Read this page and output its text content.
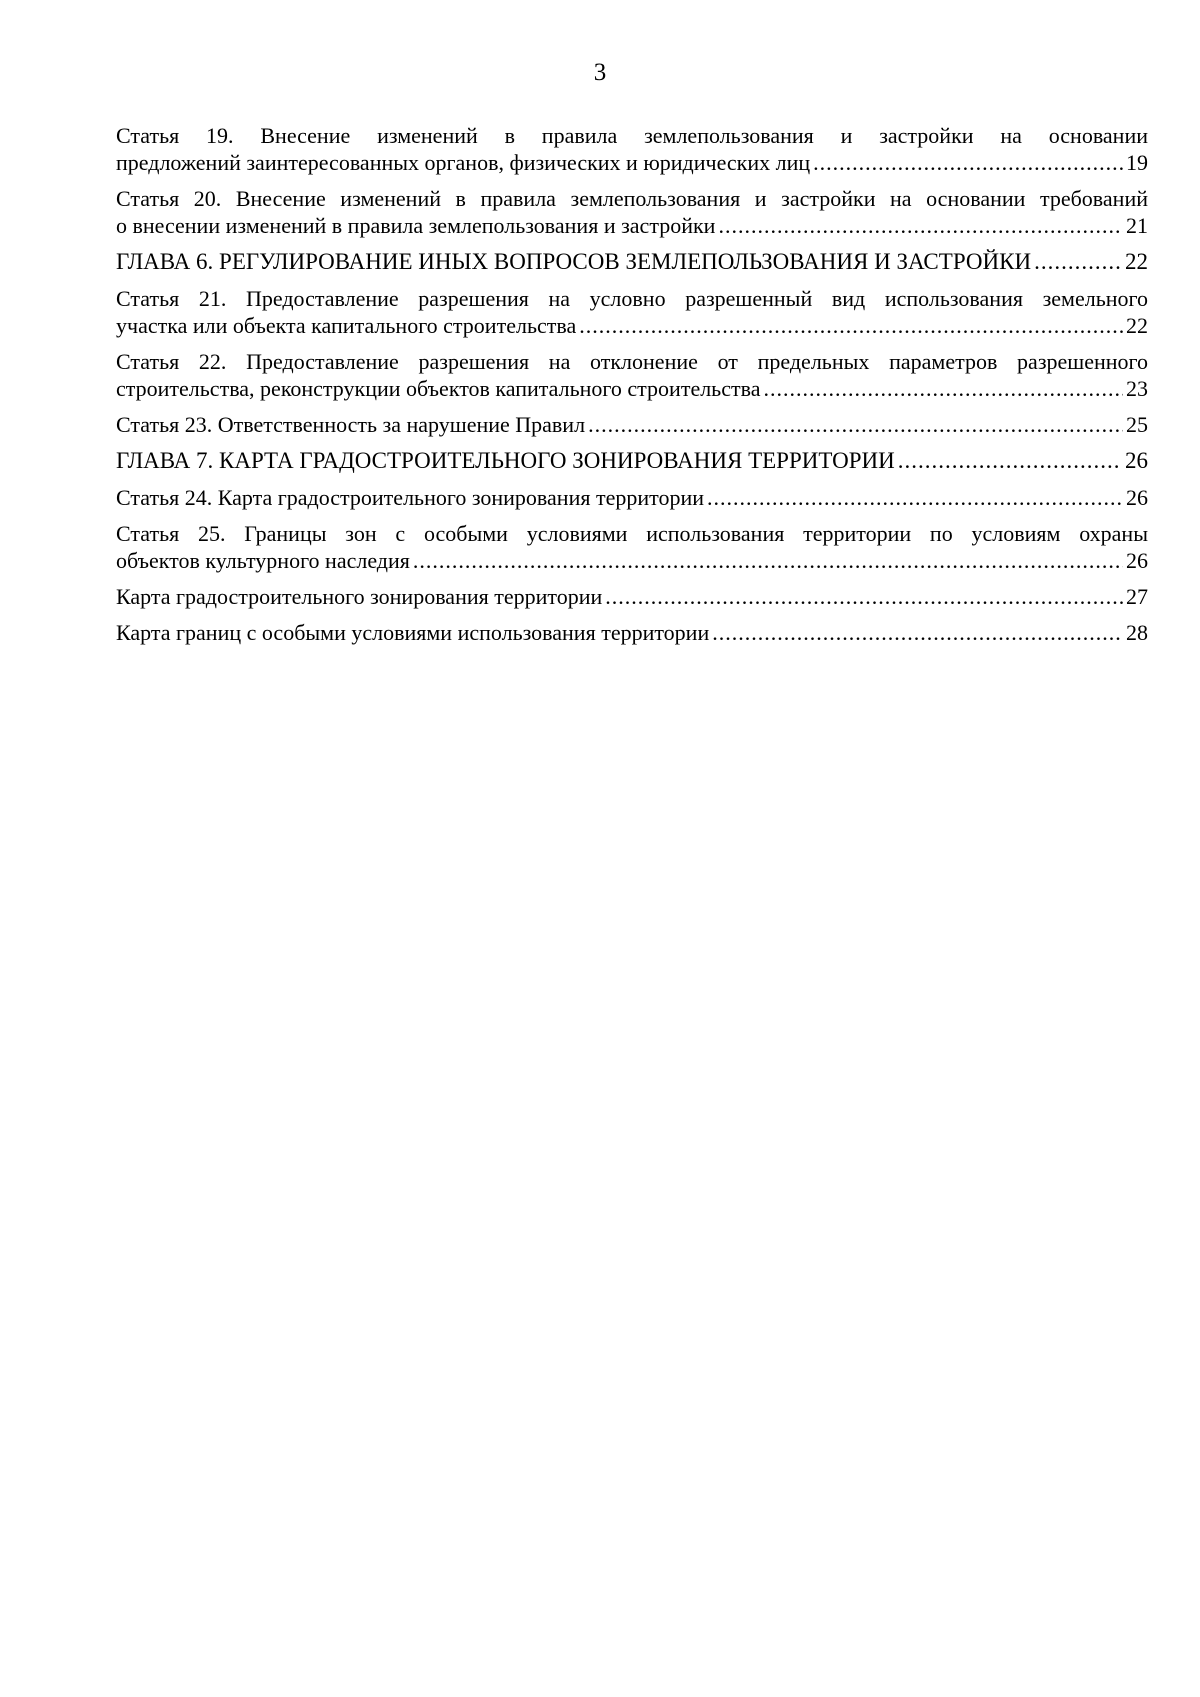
3
Статья 19. Внесение изменений в правила землепользования и застройки на основании
предложений заинтересованных органов, физических и юридических лиц .....	19
Статья 20. Внесение изменений в правила землепользования и застройки на основании требований
о внесении изменений в правила землепользования и застройки .....	21
ГЛАВА 6. РЕГУЛИРОВАНИЕ ИНЫХ ВОПРОСОВ ЗЕМЛЕПОЛЬЗОВАНИЯ И ЗАСТРОЙКИ .....	22
Статья 21. Предоставление разрешения на условно разрешенный вид использования земельного
участка или объекта капитального строительства .....	22
Статья 22. Предоставление разрешения на отклонение от предельных параметров разрешенного
строительства, реконструкции объектов капитального строительства .....	23
Статья 23. Ответственность за нарушение Правил .....	25
ГЛАВА 7. КАРТА ГРАДОСТРОИТЕЛЬНОГО ЗОНИРОВАНИЯ ТЕРРИТОРИИ .....	26
Статья 24. Карта градостроительного зонирования территории .....	26
Статья 25. Границы зон с особыми условиями использования территории по условиям охраны
объектов культурного наследия .....	26
Карта градостроительного зонирования территории .....	27
Карта границ с особыми условиями использования территории .....	28
